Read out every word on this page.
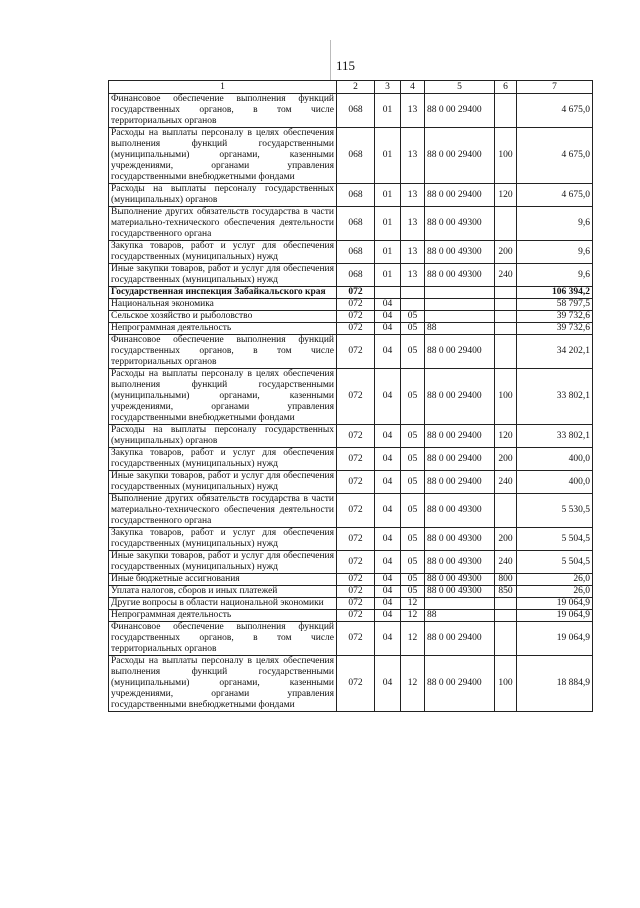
115
1	2	3	4	5	6	7
Финансовое обеспечение выполнения функций государственных органов, в том числе территориальных органов	068	01	13	88 0 00 29400		4 675,0
Расходы на выплаты персоналу в целях обеспечения выполнения функций государственными (муниципальными) органами, казенными учреждениями, органами управления государственными внебюджетными фондами	068	01	13	88 0 00 29400	100	4 675,0
Расходы на выплаты персоналу государственных (муниципальных) органов	068	01	13	88 0 00 29400	120	4 675,0
Выполнение других обязательств государства в части материально-технического обеспечения деятельности государственного органа	068	01	13	88 0 00 49300		9,6
Закупка товаров, работ и услуг для обеспечения государственных (муниципальных) нужд	068	01	13	88 0 00 49300	200	9,6
Иные закупки товаров, работ и услуг для обеспечения государственных (муниципальных) нужд	068	01	13	88 0 00 49300	240	9,6
Государственная инспекция Забайкальского края	072					106 394,2
Национальная экономика	072	04				58 797,5
Сельское хозяйство и рыболовство	072	04	05			39 732,6
Непрограммная деятельность	072	04	05	88		39 732,6
Финансовое обеспечение выполнения функций государственных органов, в том числе территориальных органов	072	04	05	88 0 00 29400		34 202,1
Расходы на выплаты персоналу в целях обеспечения выполнения функций государственными (муниципальными) органами, казенными учреждениями, органами управления государственными внебюджетными фондами	072	04	05	88 0 00 29400	100	33 802,1
Расходы на выплаты персоналу государственных (муниципальных) органов	072	04	05	88 0 00 29400	120	33 802,1
Закупка товаров, работ и услуг для обеспечения государственных (муниципальных) нужд	072	04	05	88 0 00 29400	200	400,0
Иные закупки товаров, работ и услуг для обеспечения государственных (муниципальных) нужд	072	04	05	88 0 00 29400	240	400,0
Выполнение других обязательств государства в части материально-технического обеспечения деятельности государственного органа	072	04	05	88 0 00 49300		5 530,5
Закупка товаров, работ и услуг для обеспечения государственных (муниципальных) нужд	072	04	05	88 0 00 49300	200	5 504,5
Иные закупки товаров, работ и услуг для обеспечения государственных (муниципальных) нужд	072	04	05	88 0 00 49300	240	5 504,5
Иные бюджетные ассигнования	072	04	05	88 0 00 49300	800	26,0
Уплата налогов, сборов и иных платежей	072	04	05	88 0 00 49300	850	26,0
Другие вопросы в области национальной экономики	072	04	12			19 064,9
Непрограммная деятельность	072	04	12	88		19 064,9
Финансовое обеспечение выполнения функций государственных органов, в том числе территориальных органов	072	04	12	88 0 00 29400		19 064,9
Расходы на выплаты персоналу в целях обеспечения выполнения функций государственными (муниципальными) органами, казенными учреждениями, органами управления государственными внебюджетными фондами	072	04	12	88 0 00 29400	100	18 884,9
